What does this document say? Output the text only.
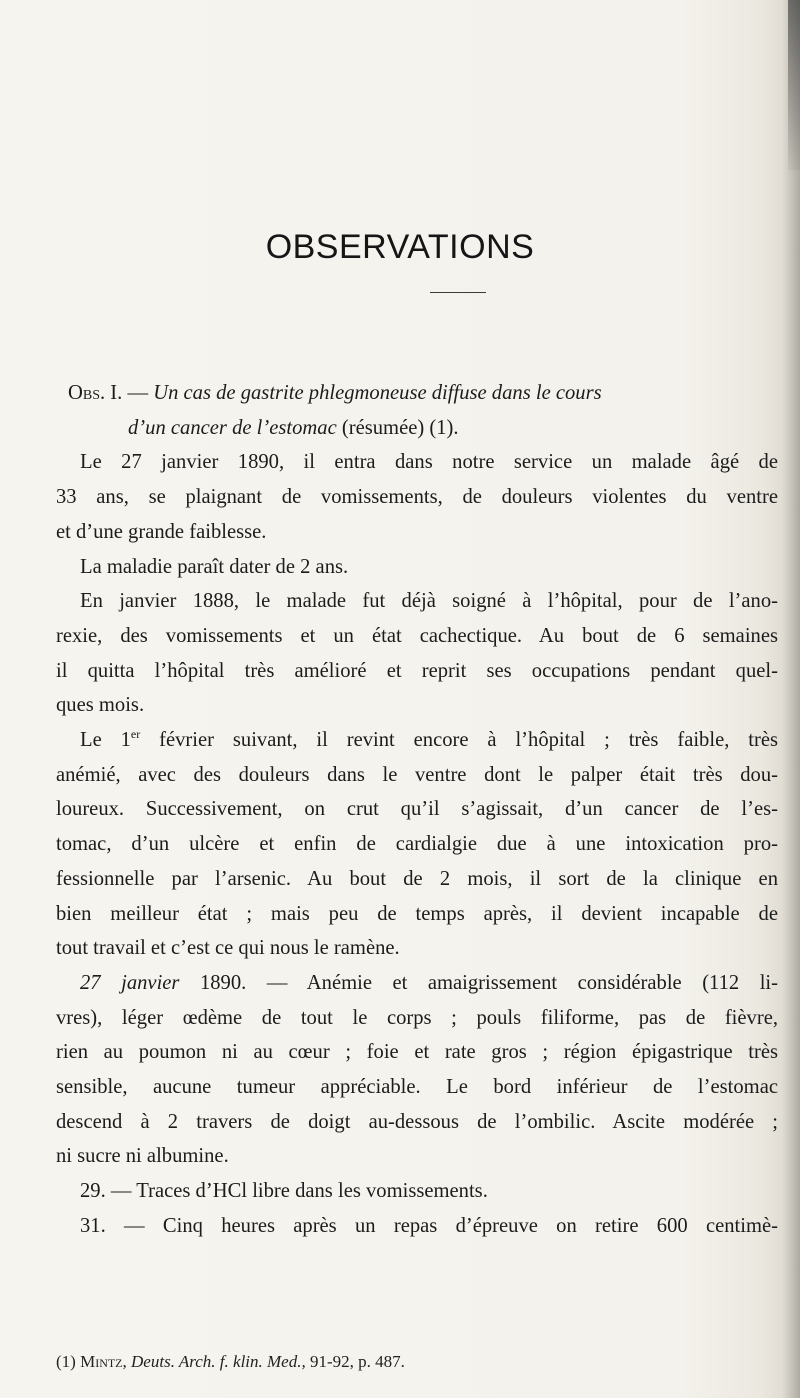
OBSERVATIONS
Obs. I. — Un cas de gastrite phlegmoneuse diffuse dans le cours
d’un cancer de l’estomac (résumée) (1).
Le 27 janvier 1890, il entra dans notre service un malade âgé de
33 ans, se plaignant de vomissements, de douleurs violentes du ventre
et d’une grande faiblesse.
La maladie paraît dater de 2 ans.
En janvier 1888, le malade fut déjà soigné à l’hôpital, pour de l’ano-
rexie, des vomissements et un état cachectique. Au bout de 6 semaines
il quitta l’hôpital très amélioré et reprit ses occupations pendant quel-
ques mois.
Le 1er février suivant, il revint encore à l’hôpital ; très faible, très
anémié, avec des douleurs dans le ventre dont le palper était très dou-
loureux. Successivement, on crut qu’il s’agissait, d’un cancer de l’es-
tomac, d’un ulcère et enfin de cardialgie due à une intoxication pro-
fessionnelle par l’arsenic. Au bout de 2 mois, il sort de la clinique en
bien meilleur état ; mais peu de temps après, il devient incapable de
tout travail et c’est ce qui nous le ramène.
27 janvier 1890. — Anémie et amaigrissement considérable (112 li-
vres), léger œdème de tout le corps ; pouls filiforme, pas de fièvre,
rien au poumon ni au cœur ; foie et rate gros ; région épigastrique très
sensible, aucune tumeur appréciable. Le bord inférieur de l’estomac
descend à 2 travers de doigt au-dessous de l’ombilic. Ascite modérée ;
ni sucre ni albumine.
29. — Traces d’HCl libre dans les vomissements.
31. — Cinq heures après un repas d’épreuve on retire 600 centimè-
(1) Mintz, Deuts. Arch. f. klin. Med., 91-92, p. 487.
